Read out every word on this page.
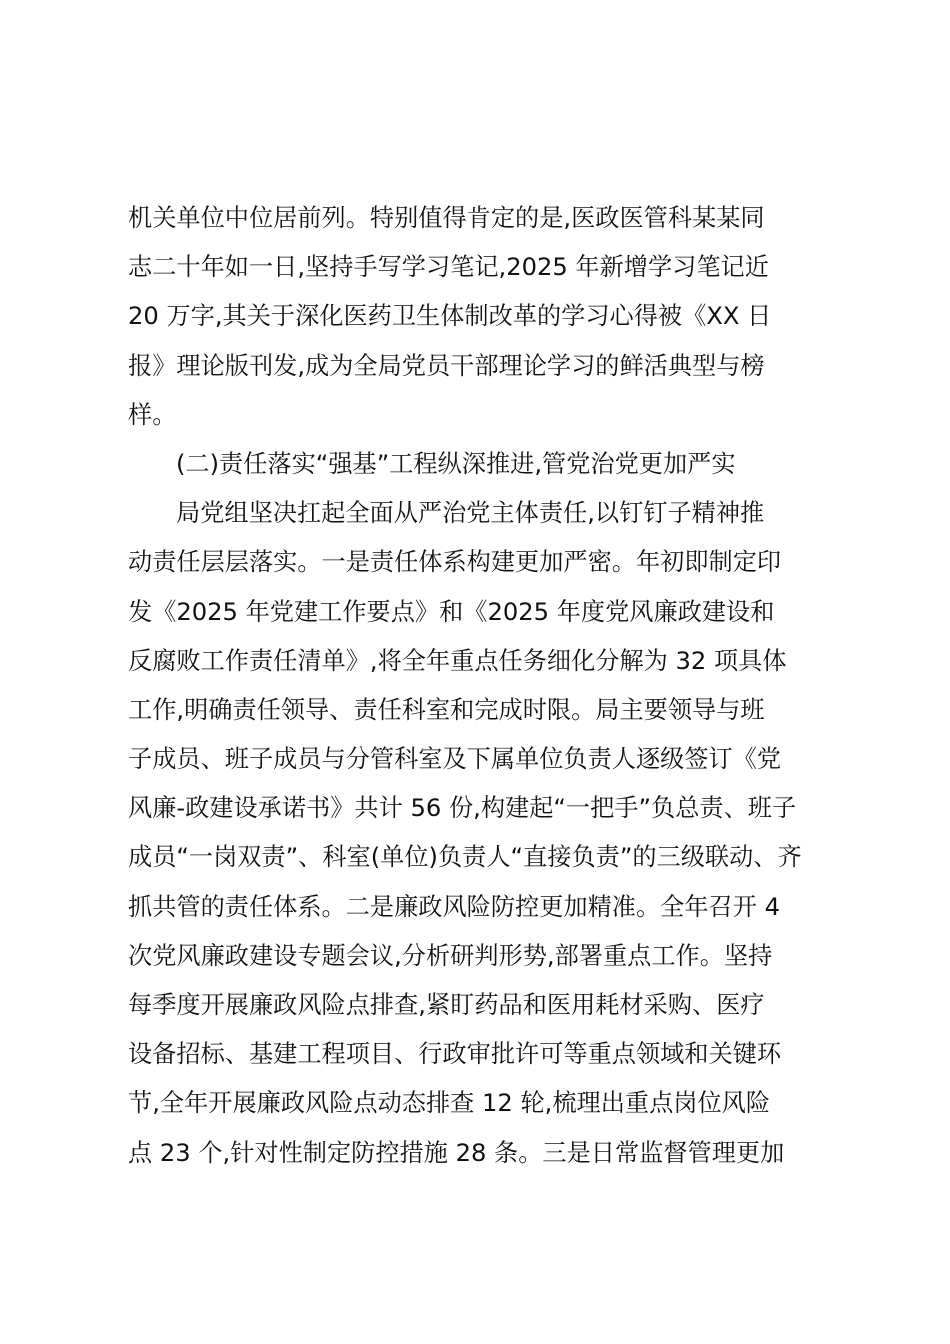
机关单位中位居前列。特别值得肯定的是,医政医管科某某同
志二十年如一日,坚持手写学习笔记,2025 年新增学习笔记近
20 万字,其关于深化医药卫生体制改革的学习心得被《XX 日
报》理论版刊发,成为全局党员干部理论学习的鲜活典型与榜
样。
(二)责任落实“强基”工程纵深推进,管党治党更加严实
局党组坚决扛起全面从严治党主体责任,以钉钉子精神推
动责任层层落实。一是责任体系构建更加严密。年初即制定印
发《2025 年党建工作要点》和《2025 年度党风廉政建设和
反腐败工作责任清单》,将全年重点任务细化分解为 32 项具体
工作,明确责任领导、责任科室和完成时限。局主要领导与班
子成员、班子成员与分管科室及下属单位负责人逐级签订《党
风廉-政建设承诺书》共计 56 份,构建起“一把手”负总责、班子
成员“一岗双责”、科室(单位)负责人“直接负责”的三级联动、齐
抓共管的责任体系。二是廉政风险防控更加精准。全年召开 4
次党风廉政建设专题会议,分析研判形势,部署重点工作。坚持
每季度开展廉政风险点排查,紧盯药品和医用耗材采购、医疗
设备招标、基建工程项目、行政审批许可等重点领域和关键环
节,全年开展廉政风险点动态排查 12 轮,梳理出重点岗位风险
点 23 个,针对性制定防控措施 28 条。三是日常监督管理更加
